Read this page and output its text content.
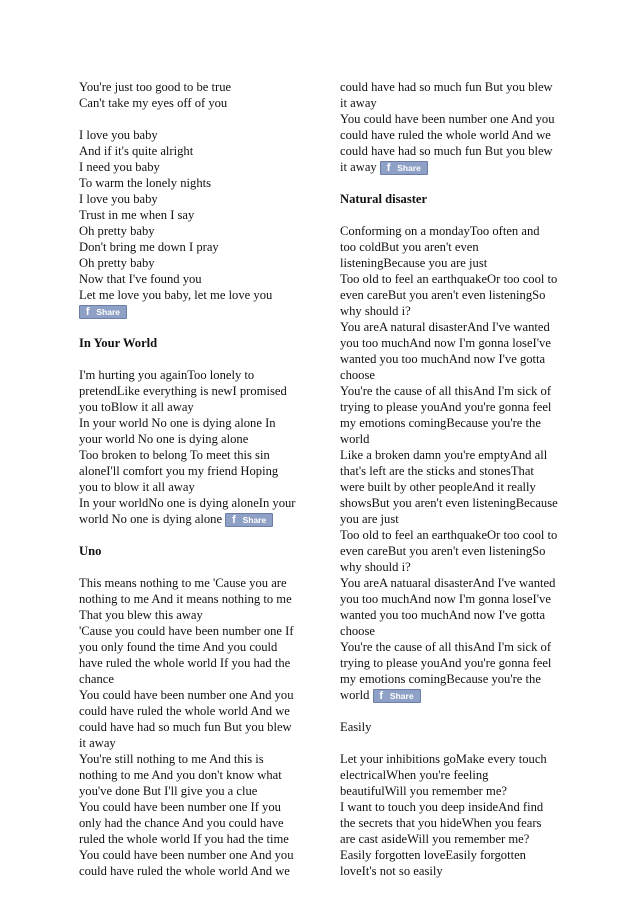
You're just too good to be true

Can't take my eyes off of you

I love you baby

And if it's quite alright

I need you baby

To warm the lonely nights

I love you baby

Trust in me when I say

Oh pretty baby

Don't bring me down I pray

Oh pretty baby

Now that I've found you

Let me love you baby, let me love you

f Share

In Your World

I'm hurting you againToo lonely to

pretendLike everything is newI promised

you toBlow it all away

In your world No one is dying alone In

your world No one is dying alone

Too broken to belong To meet this sin

aloneI'll comfort you my friend Hoping

you to blow it all away

In your worldNo one is dying aloneIn your

world No one is dying alone f Share

Uno

This means nothing to me 'Cause you are

nothing to me And it means nothing to me

That you blew this away

'Cause you could have been number one If

you only found the time And you could

have ruled the whole world If you had the

chance

You could have been number one And you

could have ruled the whole world And we

could have had so much fun But you blew

it away

You're still nothing to me And this is

nothing to me And you don't know what

you've done But I'll give you a clue

You could have been number one If you

only had the chance And you could have

ruled the whole world If you had the time

You could have been number one And you

could have ruled the whole world And we

could have had so much fun But you blew

it away

You could have been number one And you

could have ruled the whole world And we

could have had so much fun But you blew

it away f Share

Natural disaster

Conforming on a mondayToo often and

too coldBut you aren't even

listeningBecause you are just

Too old to feel an earthquakeOr too cool to

even careBut you aren't even listeningSo

why should i?

You areA natural disasterAnd I've wanted

you too muchAnd now I'm gonna loseI've

wanted you too muchAnd now I've gotta

choose

You're the cause of all thisAnd I'm sick of

trying to please youAnd you're gonna feel

my emotions comingBecause you're the

world

Like a broken damn you're emptyAnd all

that's left are the sticks and stonesThat

were built by other peopleAnd it really

showsBut you aren't even listeningBecause

you are just

Too old to feel an earthquakeOr too cool to

even careBut you aren't even listeningSo

why should i?

You areA natuaral disasterAnd I've wanted

you too muchAnd now I'm gonna loseI've

wanted you too muchAnd now I've gotta

choose

You're the cause of all thisAnd I'm sick of

trying to please youAnd you're gonna feel

my emotions comingBecause you're the

world f Share

Easily

Let your inhibitions goMake every touch

electricalWhen you're feeling

beautifulWill you remember me?

I want to touch you deep insideAnd find

the secrets that you hideWhen you fears

are cast asideWill you remember me?

Easily forgotten loveEasily forgotten

loveIt's not so easily
